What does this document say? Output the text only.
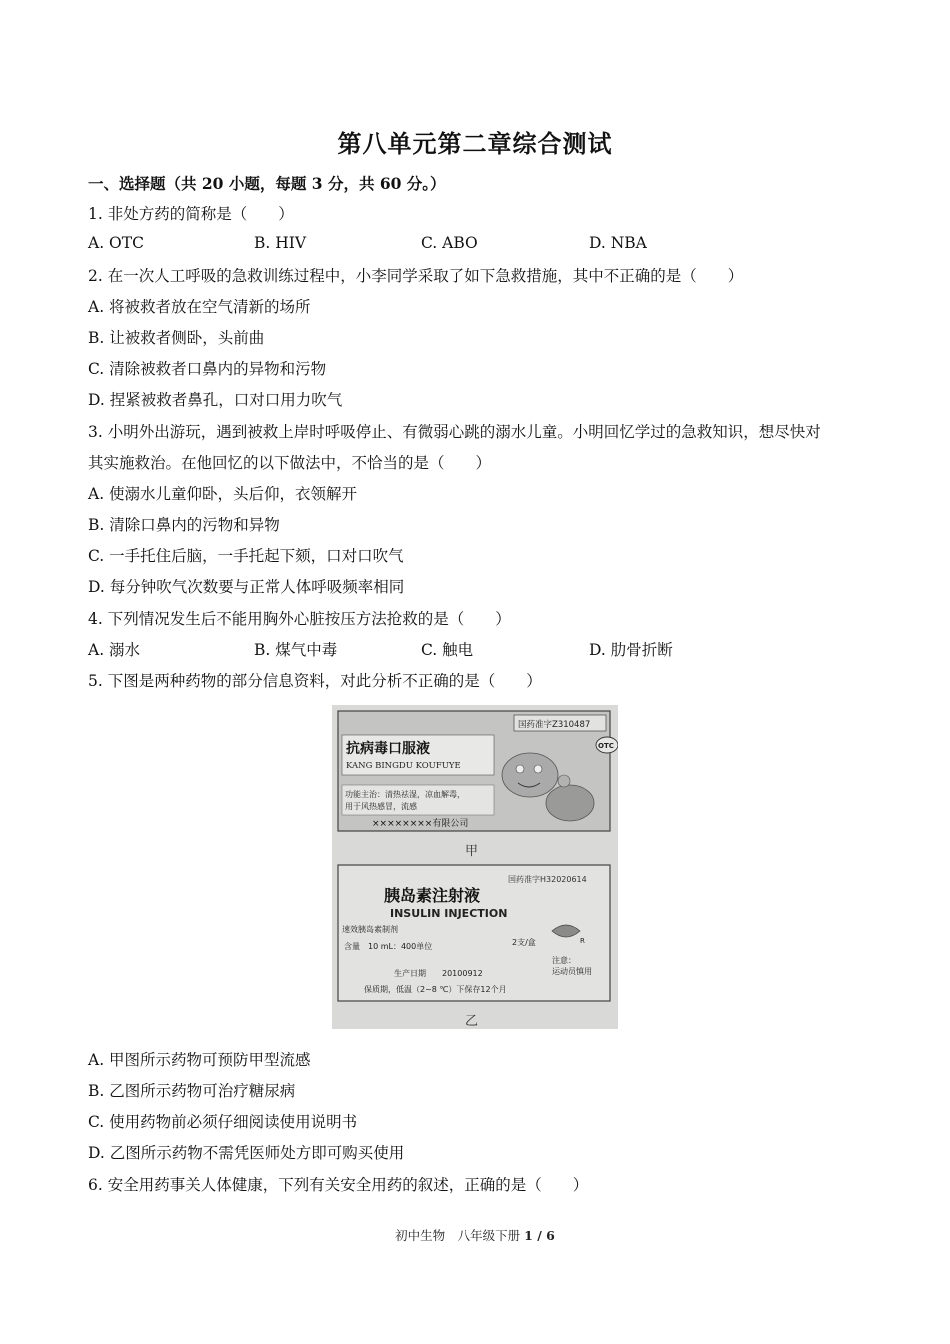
第八单元第二章综合测试
一、选择题（共 20 小题，每题 3 分，共 60 分。）
1. 非处方药的简称是（　　）
A. OTC	B. HIV	C. ABO	D. NBA
2. 在一次人工呼吸的急救训练过程中，小李同学采取了如下急救措施，其中不正确的是（　　）
A. 将被救者放在空气清新的场所
B. 让被救者侧卧，头前曲
C. 清除被救者口鼻内的异物和污物
D. 捏紧被救者鼻孔，口对口用力吹气
3. 小明外出游玩，遇到被救上岸时呼吸停止、有微弱心跳的溺水儿童。小明回忆学过的急救知识，想尽快对
其实施救治。在他回忆的以下做法中，不恰当的是（　　）
A. 使溺水儿童仰卧，头后仰，衣领解开
B. 清除口鼻内的污物和异物
C. 一手托住后脑，一手托起下颏，口对口吹气
D. 每分钟吹气次数要与正常人体呼吸频率相同
4. 下列情况发生后不能用胸外心脏按压方法抢救的是（　　）
A. 溺水	B. 煤气中毒	C. 触电	D. 肋骨折断
5. 下图是两种药物的部分信息资料，对此分析不正确的是（　　）
国药准字Z310487
抗病毒口服液
KANG BINGDU KOUFUYE
OTC
功能主治：清热祛湿，凉血解毒，
用于风热感冒，流感
××××××××有限公司
甲
国药准字H32020614
胰岛素注射液
INSULIN INJECTION
速效胰岛素制剂
含量　10 mL：400单位	2支/盒	R
生产日期　　20100912
注意：
运动员慎用
保质期，低温（2~8 ℃）下保存12个月
乙
A. 甲图所示药物可预防甲型流感
B. 乙图所示药物可治疗糖尿病
C. 使用药物前必须仔细阅读使用说明书
D. 乙图所示药物不需凭医师处方即可购买使用
6. 安全用药事关人体健康，下列有关安全用药的叙述，正确的是（　　）
初中生物　八年级下册 1 / 6
